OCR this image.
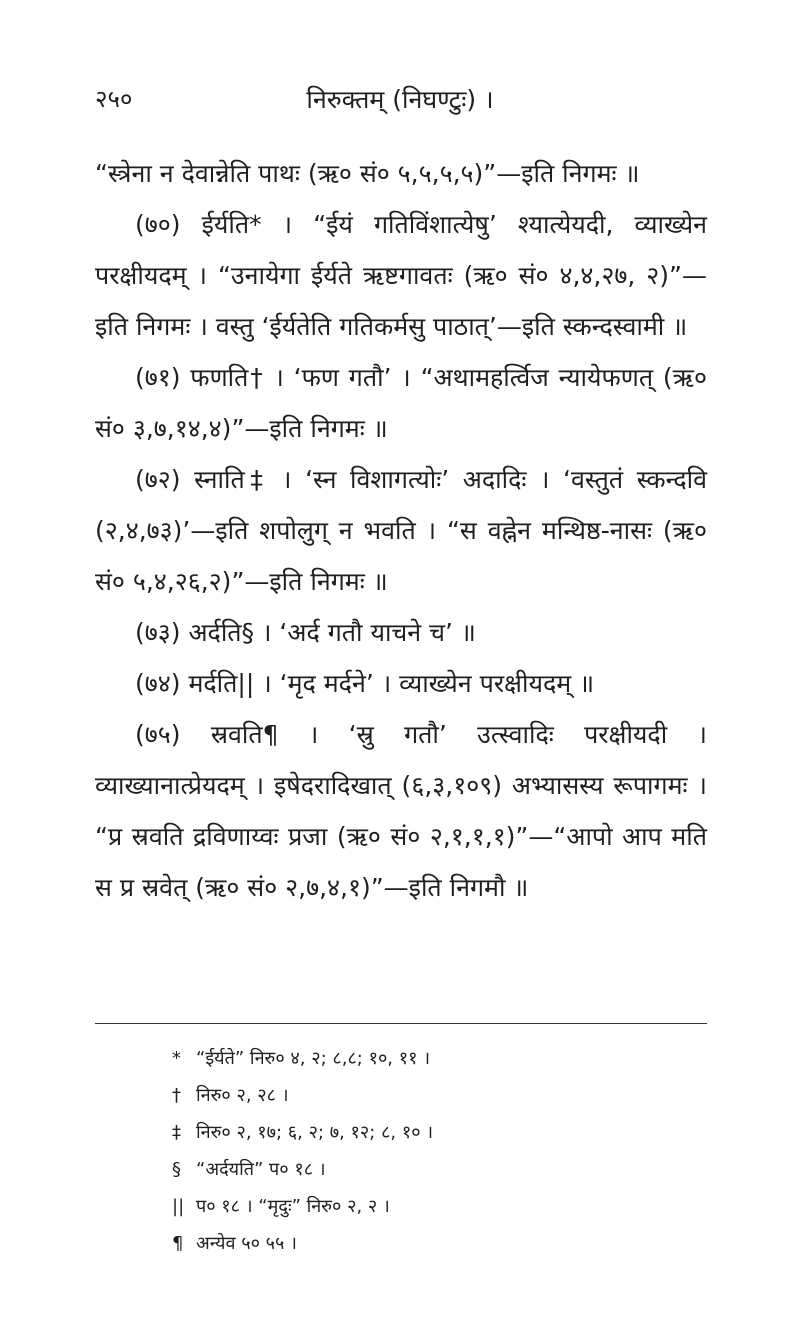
२५०	निरुक्तम् (निघण्टुः) ।

“स्त्रेना न देवान्नेति पाथः (ऋ० सं० ५,५,५,५)”—इति निगमः ॥

(७०) ईर्यति* । “ईयं गतिविंशात्येषु’ श्यात्येयदी, व्याख्येन परक्षीयदम् । “उनायेगा ईर्यते ऋष्टगावतः (ऋ० सं० ४,४,२७, २)”—इति निगमः । वस्तु ‘ईर्यतेति गतिकर्मसु पाठात्’—इति स्कन्दस्वामी ॥

(७१) फणति† । ‘फण गतौ’ । “अथामहर्त्विज न्यायेफणत् (ऋ० सं० ३,७,१४,४)”—इति निगमः ॥

(७२) स्नाति‡ । ‘स्न विशागत्योः’ अदादिः । ‘वस्तुतं स्कन्दवि (२,४,७३)’—इति शपोलुग् न भवति । “स वह्नेन मन्थिष्ठ-नासः (ऋ० सं० ५,४,२६,२)”—इति निगमः ॥

(७३) अर्दति§ । ‘अर्द गतौ याचने च’ ॥

(७४) मर्दति|| । ‘मृद मर्दने’ । व्याख्येन परक्षीयदम् ॥

(७५) स्रवति¶ । ‘स्रु गतौ’ उत्स्वादिः परक्षीयदी । व्याख्यानात्प्रेयदम् । इषेदरादिखात् (६,३,१०९) अभ्यासस्य रूपागमः । “प्र स्रवति द्रविणाय्वः प्रजा (ऋ० सं० २,१,१,१)”—“आपो आप मति स प्र स्रवेत् (ऋ० सं० २,७,४,१)”—इति निगमौ ॥

* “ईर्यते” निरु० ४, २; ८,८; १०, ११ ।
† निरु० २, २८ ।
‡ निरु० २, १७; ६, २; ७, १२; ८, १० ।
§ “अर्दयति” प० १८ ।
|| प० १८ । “मृदुः” निरु० २, २ ।
¶ अन्येव ५० ५५ ।
